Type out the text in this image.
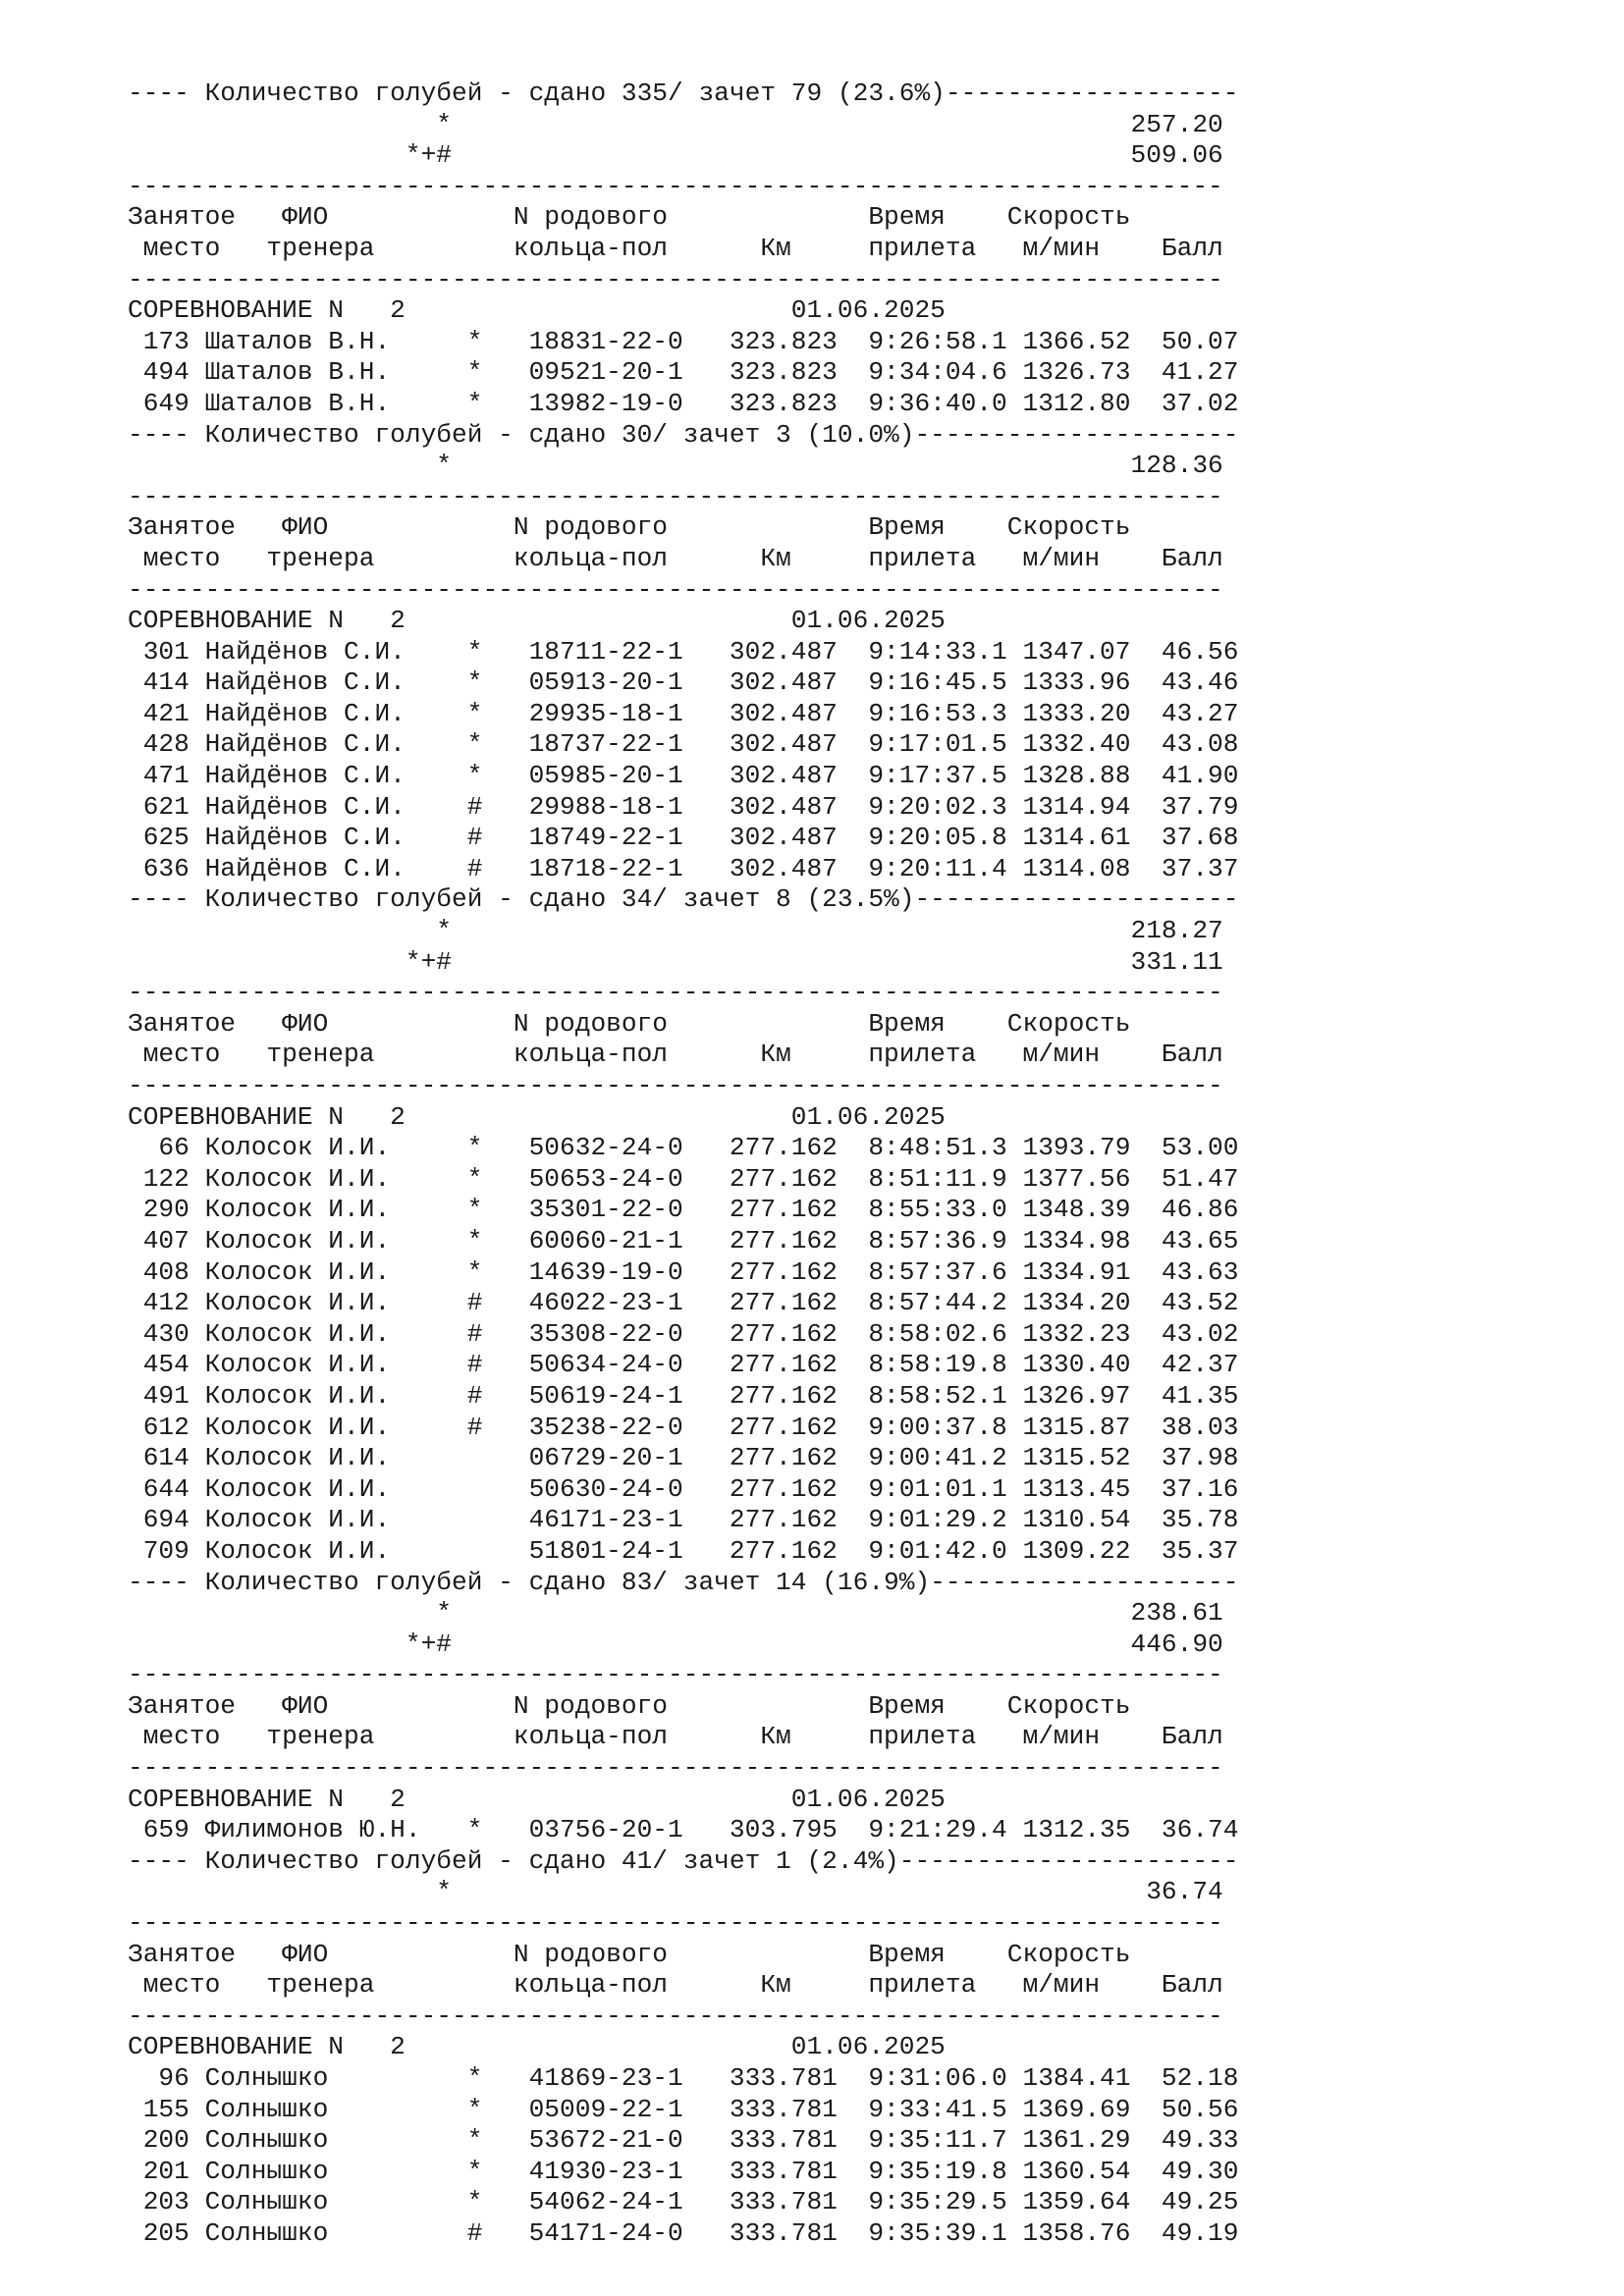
---- Количество голубей - сдано 335/ зачет 79 (23.6%)-------------------
*                                            257.20
*+#                                            509.06
-----------------------------------------------------------------------
Занятое   ФИО            N родового             Время    Скорость
место   тренера         кольца-пол      Км     прилета   м/мин    Балл
-----------------------------------------------------------------------
СОРЕВНОВАНИЕ N   2                         01.06.2025
173 Шаталов В.Н.     *   18831-22-0   323.823  9:26:58.1 1366.52  50.07
494 Шаталов В.Н.     *   09521-20-1   323.823  9:34:04.6 1326.73  41.27
649 Шаталов В.Н.     *   13982-19-0   323.823  9:36:40.0 1312.80  37.02
---- Количество голубей - сдано 30/ зачет 3 (10.0%)---------------------
*                                            128.36
-----------------------------------------------------------------------
Занятое   ФИО            N родового             Время    Скорость
место   тренера         кольца-пол      Км     прилета   м/мин    Балл
-----------------------------------------------------------------------
СОРЕВНОВАНИЕ N   2                         01.06.2025
301 Найдёнов С.И.    *   18711-22-1   302.487  9:14:33.1 1347.07  46.56
414 Найдёнов С.И.    *   05913-20-1   302.487  9:16:45.5 1333.96  43.46
421 Найдёнов С.И.    *   29935-18-1   302.487  9:16:53.3 1333.20  43.27
428 Найдёнов С.И.    *   18737-22-1   302.487  9:17:01.5 1332.40  43.08
471 Найдёнов С.И.    *   05985-20-1   302.487  9:17:37.5 1328.88  41.90
621 Найдёнов С.И.    #   29988-18-1   302.487  9:20:02.3 1314.94  37.79
625 Найдёнов С.И.    #   18749-22-1   302.487  9:20:05.8 1314.61  37.68
636 Найдёнов С.И.    #   18718-22-1   302.487  9:20:11.4 1314.08  37.37
---- Количество голубей - сдано 34/ зачет 8 (23.5%)---------------------
*                                            218.27
*+#                                            331.11
-----------------------------------------------------------------------
Занятое   ФИО            N родового             Время    Скорость
место   тренера         кольца-пол      Км     прилета   м/мин    Балл
-----------------------------------------------------------------------
СОРЕВНОВАНИЕ N   2                         01.06.2025
66 Колосок И.И.     *   50632-24-0   277.162  8:48:51.3 1393.79  53.00
122 Колосок И.И.     *   50653-24-0   277.162  8:51:11.9 1377.56  51.47
290 Колосок И.И.     *   35301-22-0   277.162  8:55:33.0 1348.39  46.86
407 Колосок И.И.     *   60060-21-1   277.162  8:57:36.9 1334.98  43.65
408 Колосок И.И.     *   14639-19-0   277.162  8:57:37.6 1334.91  43.63
412 Колосок И.И.     #   46022-23-1   277.162  8:57:44.2 1334.20  43.52
430 Колосок И.И.     #   35308-22-0   277.162  8:58:02.6 1332.23  43.02
454 Колосок И.И.     #   50634-24-0   277.162  8:58:19.8 1330.40  42.37
491 Колосок И.И.     #   50619-24-1   277.162  8:58:52.1 1326.97  41.35
612 Колосок И.И.     #   35238-22-0   277.162  9:00:37.8 1315.87  38.03
614 Колосок И.И.         06729-20-1   277.162  9:00:41.2 1315.52  37.98
644 Колосок И.И.         50630-24-0   277.162  9:01:01.1 1313.45  37.16
694 Колосок И.И.         46171-23-1   277.162  9:01:29.2 1310.54  35.78
709 Колосок И.И.         51801-24-1   277.162  9:01:42.0 1309.22  35.37
---- Количество голубей - сдано 83/ зачет 14 (16.9%)--------------------
*                                            238.61
*+#                                            446.90
-----------------------------------------------------------------------
Занятое   ФИО            N родового             Время    Скорость
место   тренера         кольца-пол      Км     прилета   м/мин    Балл
-----------------------------------------------------------------------
СОРЕВНОВАНИЕ N   2                         01.06.2025
659 Филимонов Ю.Н.   *   03756-20-1   303.795  9:21:29.4 1312.35  36.74
---- Количество голубей - сдано 41/ зачет 1 (2.4%)----------------------
*                                             36.74
-----------------------------------------------------------------------
Занятое   ФИО            N родового             Время    Скорость
место   тренера         кольца-пол      Км     прилета   м/мин    Балл
-----------------------------------------------------------------------
СОРЕВНОВАНИЕ N   2                         01.06.2025
96 Солнышко         *   41869-23-1   333.781  9:31:06.0 1384.41  52.18
155 Солнышко         *   05009-22-1   333.781  9:33:41.5 1369.69  50.56
200 Солнышко         *   53672-21-0   333.781  9:35:11.7 1361.29  49.33
201 Солнышко         *   41930-23-1   333.781  9:35:19.8 1360.54  49.30
203 Солнышко         *   54062-24-1   333.781  9:35:29.5 1359.64  49.25
205 Солнышко         #   54171-24-0   333.781  9:35:39.1 1358.76  49.19
